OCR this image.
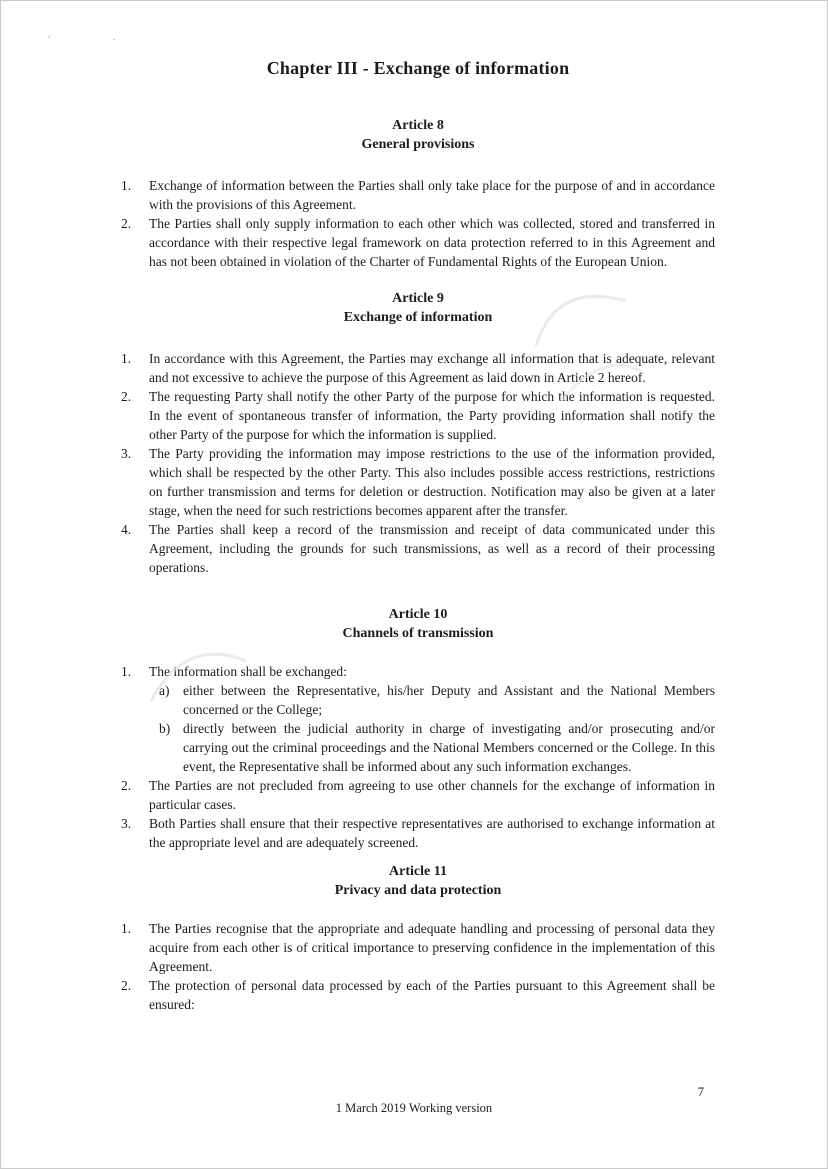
,	.
Chapter III - Exchange of information
Article 8
General provisions
1.	Exchange of information between the Parties shall only take place for the purpose of and in accordance with the provisions of this Agreement.
2.	The Parties shall only supply information to each other which was collected, stored and transferred in accordance with their respective legal framework on data protection referred to in this Agreement and has not been obtained in violation of the Charter of Fundamental Rights of the European Union.
Article 9
Exchange of information
1.	In accordance with this Agreement, the Parties may exchange all information that is adequate, relevant and not excessive to achieve the purpose of this Agreement as laid down in Article 2 hereof.
2.	The requesting Party shall notify the other Party of the purpose for which the information is requested. In the event of spontaneous transfer of information, the Party providing information shall notify the other Party of the purpose for which the information is supplied.
3.	The Party providing the information may impose restrictions to the use of the information provided, which shall be respected by the other Party. This also includes possible access restrictions, restrictions on further transmission and terms for deletion or destruction. Notification may also be given at a later stage, when the need for such restrictions becomes apparent after the transfer.
4.	The Parties shall keep a record of the transmission and receipt of data communicated under this Agreement, including the grounds for such transmissions, as well as a record of their processing operations.
Article 10
Channels of transmission
1.	The information shall be exchanged:
a)	either between the Representative, his/her Deputy and Assistant and the National Members concerned or the College;
b) directly between the judicial authority in charge of investigating and/or prosecuting and/or carrying out the criminal proceedings and the National Members concerned or the College. In this event, the Representative shall be informed about any such information exchanges.
2.	The Parties are not precluded from agreeing to use other channels for the exchange of information in particular cases.
3.	Both Parties shall ensure that their respective representatives are authorised to exchange information at the appropriate level and are adequately screened.
Article 11
Privacy and data protection
1.	The Parties recognise that the appropriate and adequate handling and processing of personal data they acquire from each other is of critical importance to preserving confidence in the implementation of this Agreement.
2.	The protection of personal data processed by each of the Parties pursuant to this Agreement shall be ensured:
1 March 2019 Working version
7
